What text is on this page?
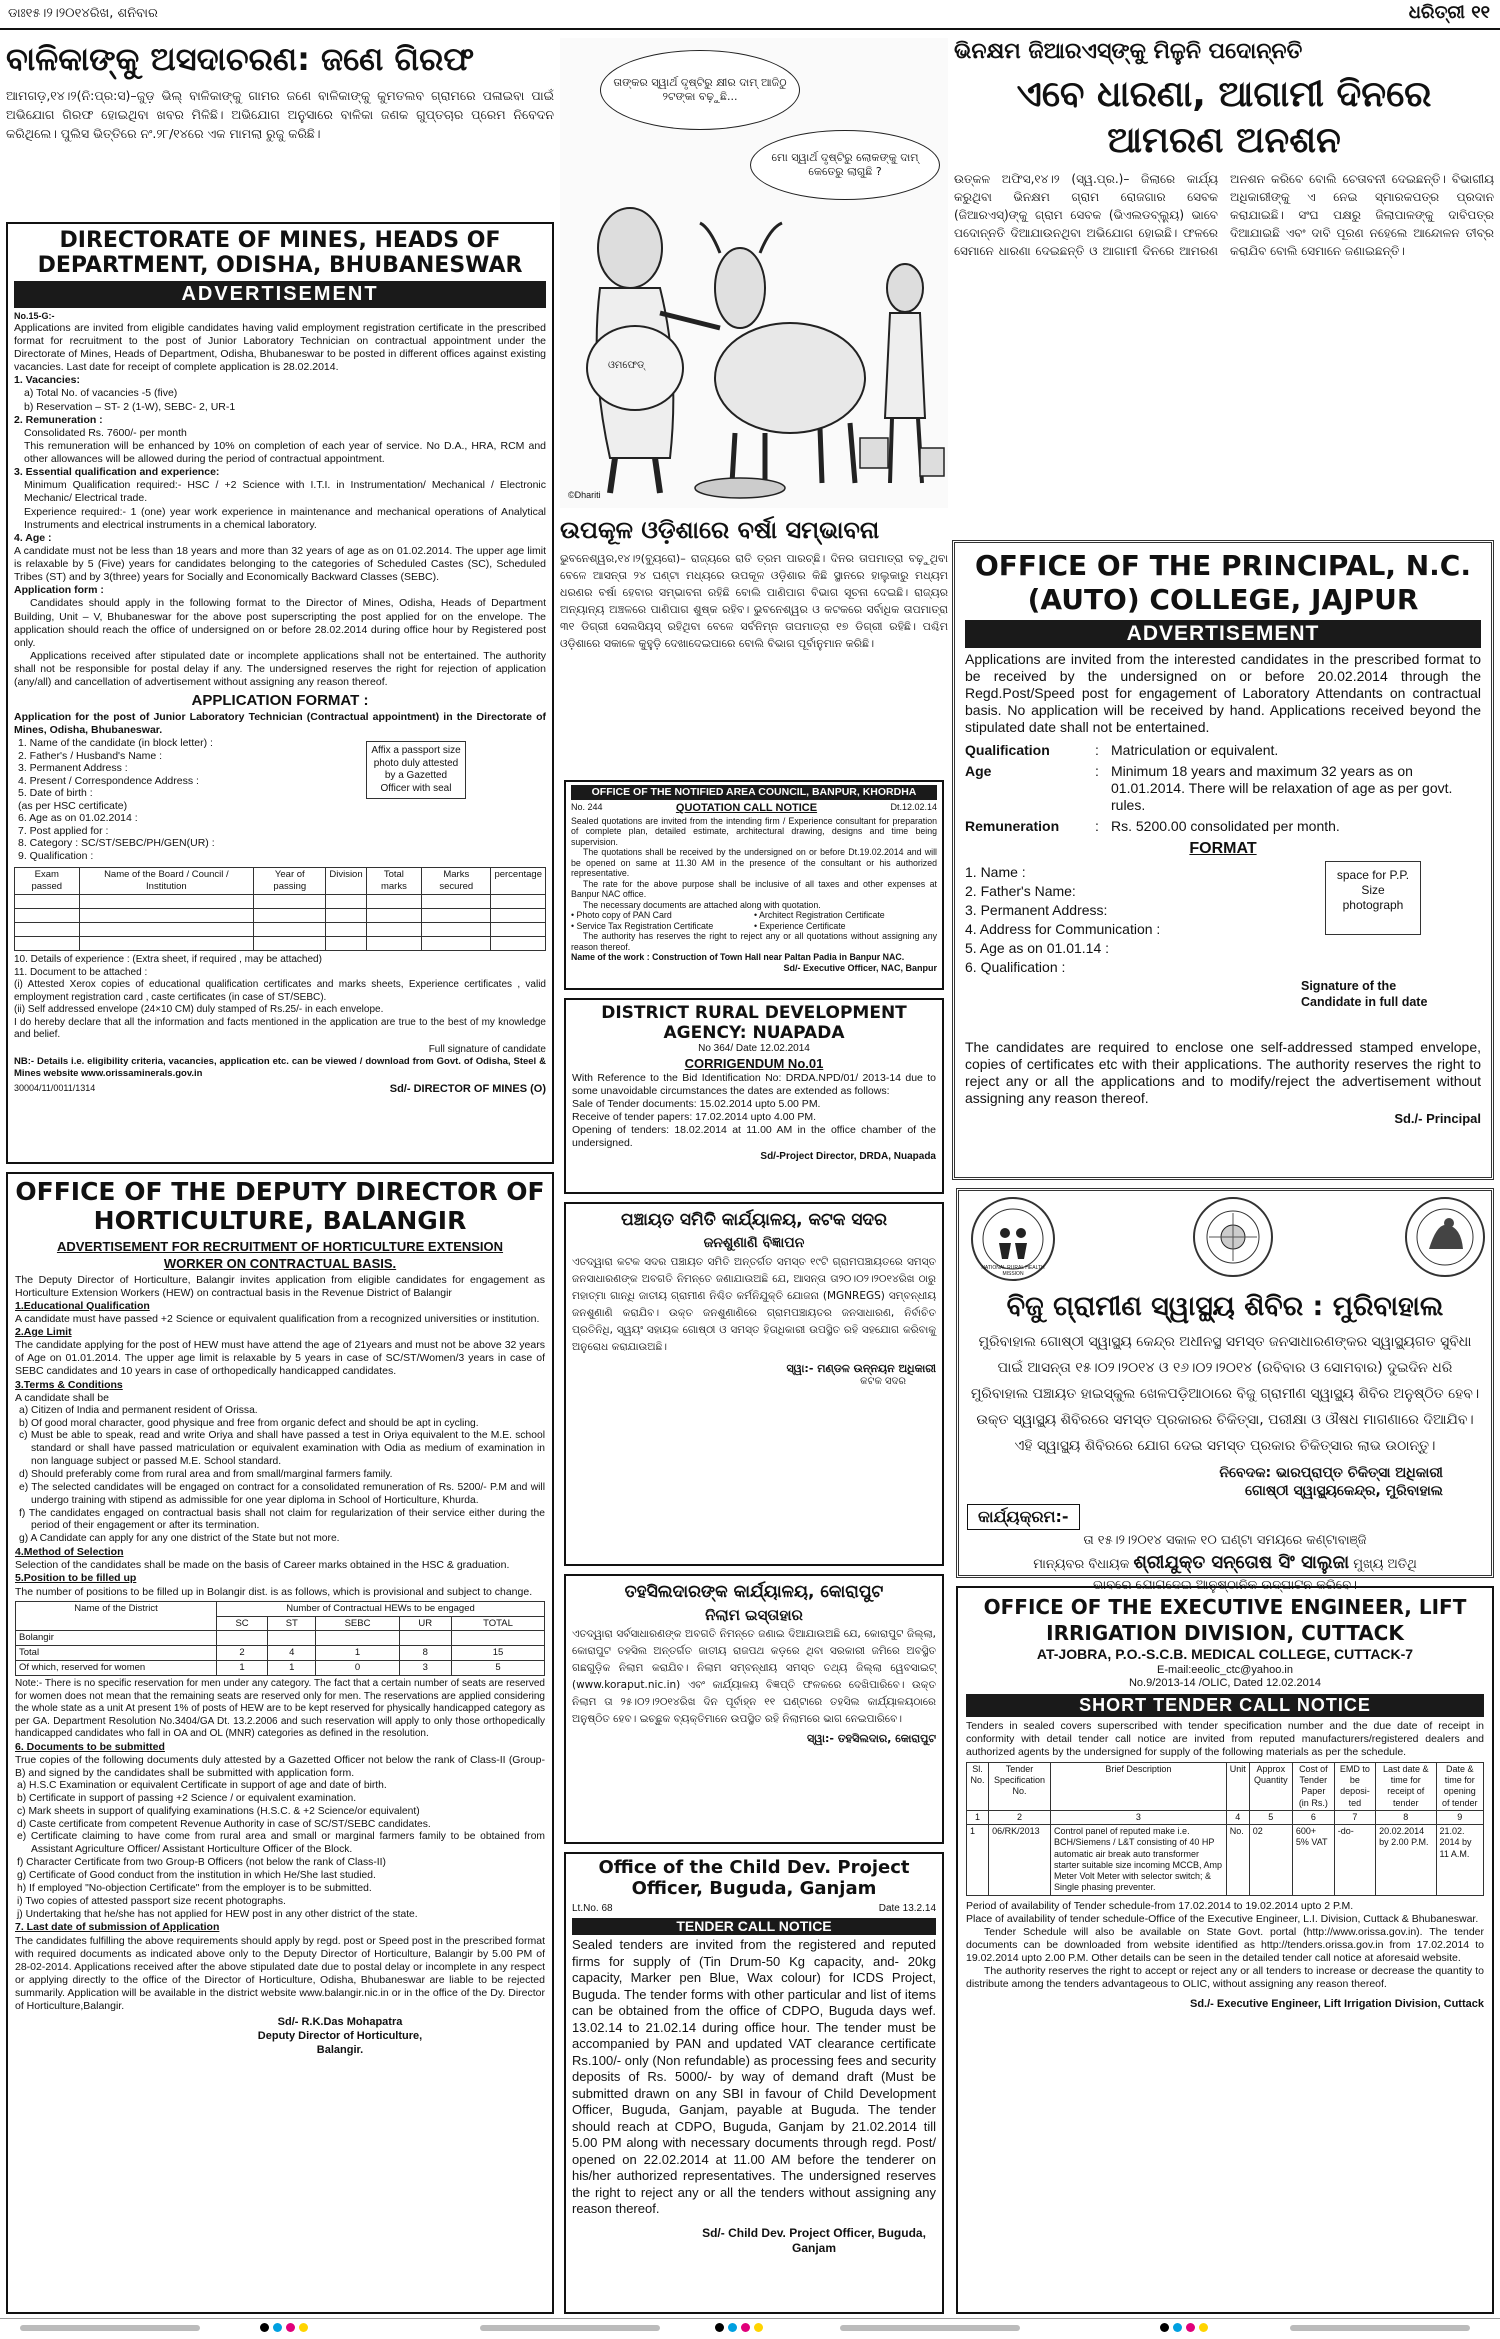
ଡାଃ୧୫।୨।୨୦୧୪ରିଖ, ଶନିବାର	ଧରିତ୍ରୀ ୧୧
ବାଳିକାଙ୍କୁ ଅସଦାଚରଣ: ଜଣେ ଗିରଫ

ଆମଗଡ଼,୧୪।୨(ନି:ପ୍ର:ସ)–ଜୁଡ଼ ଭିଲ୍ ବାଳିକାଙ୍କୁ ଗାମର ଜଣେ ବାଳିକାଙ୍କୁ କୁମତଲବ ଗ୍ରାମରେ ପଳାଇବା ପାଇଁ ଅଭିଯୋଗ ଗିରଫ ହୋଇଥିବା ଖବର ମିଳିଛି। ଅଭିଯୋଗ ଅନୁସାରେ ବାଳିକା ଜଣକ ଗୁପ୍ତଚାର ପ୍ରେମ ନିବେଦନ କରିଥିଲେ। ପୁଲିସ ଭିତ୍ତିରେ ନଂ.୨୮/୧୪ରେ ଏକ ମାମଲା ରୁଜୁ କରିଛି।

DIRECTORATE OF MINES, HEADS OF DEPARTMENT, ODISHA, BHUBANESWAR
ADVERTISEMENT
No.15-G:-

Applications are invited from eligible candidates having valid employment registration certificate in the prescribed format for recruitment to the post of Junior Laboratory Technician on contractual appointment under the Directorate of Mines, Heads of Department, Odisha, Bhubaneswar to be posted in different offices against existing vacancies. Last date for receipt of complete application is 28.02.2014.

1. Vacancies:

a) Total No. of vacancies -5 (five)

b) Reservation – ST- 2 (1-W), SEBC- 2, UR-1

2. Remuneration :

Consolidated Rs. 7600/- per month

This remuneration will be enhanced by 10% on completion of each year of service. No D.A., HRA, RCM and other allowances will be allowed during the period of contractual appointment.

3. Essential qualification and experience:

Minimum Qualification required:- HSC / +2 Science with I.T.I. in Instrumentation/ Mechanical / Electronic Mechanic/ Electrical trade.

Experience required:- 1 (one) year work experience in maintenance and mechanical operations of Analytical Instruments and electrical instruments in a chemical laboratory.

4. Age :

A candidate must not be less than 18 years and more than 32 years of age as on 01.02.2014. The upper age limit is relaxable by 5 (Five) years for candidates belonging to the categories of Scheduled Castes (SC), Scheduled Tribes (ST) and by 3(three) years for Socially and Economically Backward Classes (SEBC).

Application form :

Candidates should apply in the following format to the Director of Mines, Odisha, Heads of Department Building, Unit – V, Bhubaneswar for the above post superscripting the post applied for on the envelope. The application should reach the office of undersigned on or before 28.02.2014 during office hour by Registered post only.

Applications received after stipulated date or incomplete applications shall not be entertained. The authority shall not be responsible for postal delay if any. The undersigned reserves the right for rejection of application (any/all) and cancellation of advertisement without assigning any reason thereof.

APPLICATION FORMAT :

Application for the post of Junior Laboratory Technician (Contractual appointment) in the Directorate of Mines, Odisha, Bhubaneswar.

1. Name of the candidate (in block letter) :
2. Father's / Husband's Name :
3. Permanent Address :
4. Present / Correspondence Address :
5. Date of birth :
(as per HSC certificate)
6. Age as on 01.02.2014 :
7. Post applied for :
8. Category : SC/ST/SEBC/PH/GEN(UR) :
9. Qualification :
Affix a passport size photo duly attested by a Gazetted Officer with seal
Exam passed	Name of the Board / Council / Institution	Year of passing	Division	Total marks	Marks secured	percentage

10. Details of experience : (Extra sheet, if required , may be attached)

11. Document to be attached :

(i) Attested Xerox copies of educational qualification certificates and marks sheets, Experience certificates , valid employment registration card , caste certificates (in case of ST/SEBC).

(ii) Self addressed envelope (24×10 CM) duly stamped of Rs.25/- in each envelope.

I do hereby declare that all the information and facts mentioned in the application are true to the best of my knowledge and belief.

Full signature of candidate

NB:- Details i.e. eligibility criteria, vacancies, application etc. can be viewed / download from Govt. of Odisha, Steel & Mines website www.orissaminerals.gov.in

30004/11/0011/1314	Sd/- DIRECTOR OF MINES (O)
ତାଙ୍କର ସ୍ୱାର୍ଥ ଦୃଷ୍ଟିରୁ କ୍ଷୀର ଦାମ୍ ଆଜିଠୁ ୨ଟଙ୍କା ବଢ଼ୁଛି...
ମୋ ସ୍ୱାର୍ଥ ଦୃଷ୍ଟିରୁ ଲୋକଙ୍କୁ ଦାମ୍ କେତେରୁ ଲାଗୁଛି ?
ଓମଫେଡ୍
©Dhariti
ଭିନକ୍ଷମ ଜିଆରଏସ୍‌ଙ୍କୁ ମିଳୁନି ପଦୋନ୍ନତି
ଏବେ ଧାରଣା, ଆଗାମୀ ଦିନରେ ଆମରଣ ଅନଶନ

ଉତ୍କଳ ଅଫିସ,୧୪।୨ (ସ୍ୱ.ପ୍ର.)– ଜିଲାରେ କାର୍ଯ୍ୟ କରୁଥିବା ଭିନକ୍ଷମ ଗ୍ରାମ ରୋଜଗାର ସେବକ (ଜିଆରଏସ୍)ଙ୍କୁ ଗ୍ରାମ ସେବକ (ଭିଏଲଡବ୍ଲ୍ୟୁ) ଭାବେ ପଦୋନ୍ନତି ଦିଆଯାଉନଥିବା ଅଭିଯୋଗ ହୋଇଛି। ଫଳରେ ସେମାନେ ଧାରଣା ଦେଇଛନ୍ତି ଓ ଆଗାମୀ ଦିନରେ ଆମରଣ ଅନଶନ କରିବେ ବୋଲି ଚେତାବନୀ ଦେଇଛନ୍ତି। ବିଭାଗୀୟ ଅଧିକାରୀଙ୍କୁ ଏ ନେଇ ସ୍ମାରକପତ୍ର ପ୍ରଦାନ କରାଯାଇଛି। ସଂଘ ପକ୍ଷରୁ ଜିଲାପାଳଙ୍କୁ ଦାବିପତ୍ର ଦିଆଯାଇଛି ଏବଂ ଦାବି ପୂରଣ ନହେଲେ ଆନ୍ଦୋଳନ ତୀବ୍ର କରାଯିବ ବୋଲି ସେମାନେ ଜଣାଇଛନ୍ତି।

ଉପକୂଳ ଓଡ଼ିଶାରେ ବର୍ଷା ସମ୍ଭାବନା

ଭୁବନେଶ୍ୱର,୧୪।୨(ବ୍ୟୁରୋ)– ରାଜ୍ୟରେ ରାତି ତ୍ରମ ପାରଚ୍ଛି। ଦିନର ତାପମାତ୍ରା ବଢ଼ୁଥିବା ବେଳେ ଆସନ୍ତା ୨୪ ଘଣ୍ଟା ମଧ୍ୟରେ ଉପକୂଳ ଓଡ଼ିଶାର କିଛି ସ୍ଥାନରେ ହାଲୁକାରୁ ମଧ୍ୟମ ଧରଣର ବର୍ଷା ହେବାର ସମ୍ଭାବନା ରହିଛି ବୋଲି ପାଣିପାଗ ବିଭାଗ ସୂଚନା ଦେଇଛି। ରାଜ୍ୟର ଅନ୍ୟାନ୍ୟ ଅଞ୍ଚଳରେ ପାଣିପାଗ ଶୁଷ୍କ ରହିବ। ଭୁବନେଶ୍ୱର ଓ କଟକରେ ସର୍ବାଧିକ ତାପମାତ୍ରା ୩୧ ଡିଗ୍ରୀ ସେଲସିୟସ୍ ରହିଥିବା ବେଳେ ସର୍ବନିମ୍ନ ତାପମାତ୍ରା ୧୭ ଡିଗ୍ରୀ ରହିଛି। ପଶ୍ଚିମ ଓଡ଼ିଶାରେ ସକାଳେ କୁହୁଡ଼ି ଦେଖାଦେଇପାରେ ବୋଲି ବିଭାଗ ପୂର୍ବାନୁମାନ କରିଛି।

OFFICE OF THE NOTIFIED AREA COUNCIL, BANPUR, KHORDHA
No. 244	QUOTATION CALL NOTICE	Dt.12.02.14

Sealed quotations are invited from the intending firm / Experience consultant for preparation of complete plan, detailed estimate, architectural drawing, designs and time being supervision.

The quotations shall be received by the undersigned on or before Dt.19.02.2014 and will be opened on same at 11.30 AM in the presence of the consultant or his authorized representative.

The rate for the above purpose shall be inclusive of all taxes and other expenses at Banpur NAC office.

The necessary documents are attached along with quotation.

• Photo copy of PAN Card	• Architect Registration Certificate
• Service Tax Registration Certificate	• Experience Certificate

The authority has reserves the right to reject any or all quotations without assigning any reason thereof.

Name of the work : Construction of Town Hall near Paltan Padia in Banpur NAC.

Sd/- Executive Officer, NAC, Banpur
DISTRICT RURAL DEVELOPMENT AGENCY: NUAPADA
No 364/ Date 12.02.2014
CORRIGENDUM No.01

With Reference to the Bid Identification No: DRDA.NPD/01/ 2013-14 due to some unavoidable circumstances the dates are extended as follows:

Sale of Tender documents: 15.02.2014 upto 5.00 PM.

Receive of tender papers: 17.02.2014 upto 4.00 PM.

Opening of tenders: 18.02.2014 at 11.00 AM in the office chamber of the undersigned.

Sd/-Project Director, DRDA, Nuapada
ପଞ୍ଚାୟତ ସମିତି କାର୍ଯ୍ୟାଳୟ, କଟକ ସଦର
ଜନଶୁଣାଣି ବିଜ୍ଞାପନ

ଏତଦ୍ୱାରା କଟକ ସଦର ପଞ୍ଚାୟତ ସମିତି ଅନ୍ତର୍ଗତ ସମସ୍ତ ୧୯ଟି ଗ୍ରାମପଞ୍ଚାୟତରେ ସମସ୍ତ ଜନସାଧାରଣଙ୍କ ଅବଗତି ନିମନ୍ତେ ଜଣାଯାଉଅଛି ଯେ, ଆସନ୍ତା ତା୨୦।୦୨।୨୦୧୪ରିଖ ଠାରୁ ମହାତ୍ମା ଗାନ୍ଧି ଜାତୀୟ ଗ୍ରାମୀଣ ନିଶ୍ଚିତ କର୍ମନିଯୁକ୍ତି ଯୋଜନା (MGNREGS) ସମ୍ବନ୍ଧୀୟ ଜନଶୁଣାଣି କରାଯିବ। ଉକ୍ତ ଜନଶୁଣାଣିରେ ଗ୍ରାମପଞ୍ଚାୟତର ଜନସାଧାରଣ, ନିର୍ବାଚିତ ପ୍ରତିନିଧି, ସ୍ୱୟଂ ସହାୟକ ଗୋଷ୍ଠୀ ଓ ସମସ୍ତ ହିତାଧିକାରୀ ଉପସ୍ଥିତ ରହି ସହଯୋଗ କରିବାକୁ ଅନୁରୋଧ କରାଯାଉଅଛି।

ସ୍ୱା:- ମଣ୍ଡଳ ଉନ୍ନୟନ ଅଧିକାରୀ
କଟକ ସଦର
ତହସିଲଦାରଙ୍କ କାର୍ଯ୍ୟାଳୟ, କୋରାପୁଟ
ନିଲାମ ଇସ୍ତାହାର

ଏତଦ୍ୱାରା ସର୍ବସାଧାରଣଙ୍କ ଅବଗତି ନିମନ୍ତେ ଜଣାଇ ଦିଆଯାଉଅଛି ଯେ, କୋରାପୁଟ ଜିଲ୍ଲା, କୋରାପୁଟ ତହସିଲ ଅନ୍ତର୍ଗତ ଜାତୀୟ ରାଜପଥ କଡ଼ରେ ଥିବା ସରକାରୀ ଜମିରେ ଅବସ୍ଥିତ ଗଛଗୁଡ଼ିକ ନିଲାମ କରାଯିବ। ନିଲାମ ସମ୍ବନ୍ଧୀୟ ସମସ୍ତ ତଥ୍ୟ ଜିଲ୍ଲା ୱେବସାଇଟ୍ (www.koraput.nic.in) ଏବଂ କାର୍ଯ୍ୟାଳୟ ବିଜ୍ଞପ୍ତି ଫଳକରେ ଦେଖିପାରିବେ। ଉକ୍ତ ନିଲାମ ତା ୨୫।୦୨।୨୦୧୪ରିଖ ଦିନ ପୂର୍ବାହ୍ନ ୧୧ ଘଣ୍ଟାରେ ତହସିଲ କାର୍ଯ୍ୟାଳୟଠାରେ ଅନୁଷ୍ଠିତ ହେବ। ଇଚ୍ଛୁକ ବ୍ୟକ୍ତିମାନେ ଉପସ୍ଥିତ ରହି ନିଲାମରେ ଭାଗ ନେଇପାରିବେ।

ସ୍ୱା:- ତହସିଲଦାର, କୋରାପୁଟ
Office of the Child Dev. Project Officer, Buguda, Ganjam
Lt.No. 68	Date 13.2.14
TENDER CALL NOTICE

Sealed tenders are invited from the registered and reputed firms for supply of (Tin Drum-50 Kg capacity, and- 20kg capacity, Marker pen Blue, Wax colour) for ICDS Project, Buguda. The tender forms with other particular and list of items can be obtained from the office of CDPO, Buguda days wef. 13.02.14 to 21.02.14 during office hour. The tender must be accompanied by PAN and updated VAT clearance certificate Rs.100/- only (Non refundable) as processing fees and security deposits of Rs. 5000/- by way of demand draft (Must be submitted drawn on any SBI in favour of Child Development Officer, Buguda, Ganjam, payable at Buguda. The tender should reach at CDPO, Buguda, Ganjam by 21.02.2014 till 5.00 PM along with necessary documents through regd. Post/ opened on 22.02.2014 at 11.00 AM before the tenderer on his/her authorized representatives. The undersigned reserves the right to reject any or all the tenders without assigning any reason thereof.

Sd/- Child Dev. Project Officer, Buguda, Ganjam
OFFICE OF THE DEPUTY DIRECTOR OF HORTICULTURE, BALANGIR
ADVERTISEMENT FOR RECRUITMENT OF HORTICULTURE EXTENSION WORKER ON CONTRACTUAL BASIS.

The Deputy Director of Horticulture, Balangir invites application from eligible candidates for engagement as Horticulture Extension Workers (HEW) on contractual basis in the Revenue District of Balangir

1.Educational Qualification

A candidate must have passed +2 Science or equivalent qualification from a recognized universities or institution.

2.Age Limit

The candidate applying for the post of HEW must have attend the age of 21years and must not be above 32 years of Age on 01.01.2014. The upper age limit is relaxable by 5 years in case of SC/ST/Women/3 years in case of SEBC candidates and 10 years in case of orthopedically handicapped candidates.

3.Terms & Conditions

A candidate shall be

a) Citizen of India and permanent resident of Orissa.

b) Of good moral character, good physique and free from organic defect and should be apt in cycling.

c) Must be able to speak, read and write Oriya and shall have passed a test in Oriya equivalent to the M.E. school standard or shall have passed matriculation or equivalent examination with Odia as medium of examination in non language subject or passed M.E. School standard.

d) Should preferably come from rural area and from small/marginal farmers family.

e) The selected candidates will be engaged on contract for a consolidated remuneration of Rs. 5200/- P.M and will undergo training with stipend as admissible for one year diploma in School of Horticulture, Khurda.

f) The candidates engaged on contractual basis shall not claim for regularization of their service either during the period of their engagement or after its termination.

g) A Candidate can apply for any one district of the State but not more.

4.Method of Selection

Selection of the candidates shall be made on the basis of Career marks obtained in the HSC & graduation.

5.Position to be filled up

The number of positions to be filled up in Bolangir dist. is as follows, which is provisional and subject to change.

Name of the District	Number of Contractual HEWs to be engaged				
	SC	ST	SEBC	UR	TOTAL
Bolangir					
Total	2	4	1	8	15
Of which, reserved for women	1	1	0	3	5

Note:- There is no specific reservation for men under any category. The fact that a certain number of seats are reserved for women does not mean that the remaining seats are reserved only for men. The reservations are applied considering the whole state as a unit At present 1% of posts of HEW are to be kept reserved for physically handicapped category as per GA. Department Resolution No.3404/GA Dt. 13.2.2006 and such reservation will apply to only those orthopedically handicapped candidates who fall in OA and OL (MNR) categories as defined in the resolution.

6. Documents to be submitted

True copies of the following documents duly attested by a Gazetted Officer not below the rank of Class-II (Group-B) and signed by the candidates shall be submitted with application form.

a) H.S.C Examination or equivalent Certificate in support of age and date of birth.

b) Certificate in support of passing +2 Science / or equivalent examination.

c) Mark sheets in support of qualifying examinations (H.S.C. & +2 Science/or equivalent)

d) Caste certificate from competent Revenue Authority in case of SC/ST/SEBC candidates.

e) Certificate claiming to have come from rural area and small or marginal farmers family to be obtained from Assistant Agriculture Officer/ Assistant Horticulture Officer of the Block.

f) Character Certificate from two Group-B Officers (not below the rank of Class-II)

g) Certificate of Good conduct from the institution in which He/She last studied.

h) If employed "No-objection Certificate" from the employer is to be submitted.

i) Two copies of attested passport size recent photographs.

j) Undertaking that he/she has not applied for HEW post in any other district of the state.

7. Last date of submission of Application

The candidates fulfilling the above requirements should apply by regd. post or Speed post in the prescribed format with required documents as indicated above only to the Deputy Director of Horticulture, Balangir by 5.00 PM of 28-02-2014. Applications received after the above stipulated date due to postal delay or incomplete in any respect or applying directly to the office of the Director of Horticulture, Odisha, Bhubaneswar are liable to be rejected summarily. Application will be available in the district website www.balangir.nic.in or in the office of the Dy. Director of Horticulture,Balangir.

Sd/- R.K.Das Mohapatra
Deputy Director of Horticulture,
Balangir.
OFFICE OF THE PRINCIPAL, N.C. (AUTO) COLLEGE, JAJPUR
ADVERTISEMENT

Applications are invited from the interested candidates in the prescribed format to be received by the undersigned on or before 20.02.2014 through the Regd.Post/Speed post for engagement of Laboratory Attendants on contractual basis. No application will be received by hand. Applications received beyond the stipulated date shall not be entertained.

Qualification	: Matriculation or equivalent.
Age	: Minimum 18 years and maximum 32 years as on 01.01.2014. There will be relaxation of age as per govt. rules.
Remuneration	: Rs. 5200.00 consolidated per month.
FORMAT
1. Name :
2. Father's Name:
3. Permanent Address:
4. Address for Communication :
5. Age as on 01.01.14 :
6. Qualification :
space for P.P. Size photograph
Signature of the Candidate in full date

The candidates are required to enclose one self-addressed stamped envelope, copies of certificates etc with their applications. The authority reserves the right to reject any or all the applications and to modify/reject the advertisement without assigning any reason thereof.

Sd./- Principal
NATIONAL RURAL HEALTH MISSION
ବିଜୁ ଗ୍ରାମୀଣ ସ୍ୱାସ୍ଥ୍ୟ ଶିବିର : ମୁରିବାହାଲ

ମୁରିବାହାଲ ଗୋଷ୍ଠୀ ସ୍ୱାସ୍ଥ୍ୟ କେନ୍ଦ୍ର ଅଧୀନସ୍ଥ ସମସ୍ତ ଜନସାଧାରଣଙ୍କର ସ୍ୱାସ୍ଥ୍ୟଗତ ସୁବିଧା ପାଇଁ ଆସନ୍ତା ୧୫।୦୨।୨୦୧୪ ଓ ୧୬।୦୨।୨୦୧୪ (ରବିବାର ଓ ସୋମବାର) ଦୁଇଦିନ ଧରି ମୁରିବାହାଲ ପଞ୍ଚାୟତ ହାଇସ୍କୁଲ ଖେଳପଡ଼ିଆଠାରେ ବିଜୁ ଗ୍ରାମୀଣ ସ୍ୱାସ୍ଥ୍ୟ ଶିବିର ଅନୁଷ୍ଠିତ ହେବ। ଉକ୍ତ ସ୍ୱାସ୍ଥ୍ୟ ଶିବିରରେ ସମସ୍ତ ପ୍ରକାରର ଚିକିତ୍ସା, ପରୀକ୍ଷା ଓ ଔଷଧ ମାଗଣାରେ ଦିଆଯିବ। ଏହି ସ୍ୱାସ୍ଥ୍ୟ ଶିବିରରେ ଯୋଗ ଦେଇ ସମସ୍ତ ପ୍ରକାର ଚିକିତ୍ସାର ଲାଭ ଉଠାନ୍ତୁ।

ନିବେଦକ: ଭାରପ୍ରାପ୍ତ ଚିକିତ୍ସା ଅଧିକାରୀ
ଗୋଷ୍ଠୀ ସ୍ୱାସ୍ଥ୍ୟକେନ୍ଦ୍ର, ମୁରିବାହାଲ
କାର୍ଯ୍ୟକ୍ରମ:-
ତା ୧୫।୨।୨୦୧୪ ସକାଳ ୧୦ ଘଣ୍ଟା ସମୟରେ କଣ୍ଟାବାଞ୍ଜି
ମାନ୍ୟବର ବିଧାୟକ ଶ୍ରୀଯୁକ୍ତ ସନ୍ତୋଷ ସିଂ ସାଲୁଜା ମୁଖ୍ୟ ଅତିଥି
ଭାବରେ ଯୋଗଦେଇ ଆନୁଷ୍ଠାନିକ ଉଦ୍‌ଘାଟନ କରିବେ।
OFFICE OF THE EXECUTIVE ENGINEER, LIFT IRRIGATION DIVISION, CUTTACK
AT-JOBRA, P.O.-S.C.B. MEDICAL COLLEGE, CUTTACK-7
E-mail:eeolic_ctc@yahoo.in
No.9/2013-14 /OLIC, Dated 12.02.2014
SHORT TENDER CALL NOTICE

Tenders in sealed covers superscribed with tender specification number and the due date of receipt in conformity with detail tender call notice are invited from reputed manufacturers/registered dealers and authorized agents by the undersigned for supply of the following materials as per the schedule.

Sl. No.	Tender Specification No.	Brief Description	Unit	Approx Quantity	Cost of Tender Paper (in Rs.)	EMD to be deposi-ted	Last date & time for receipt of tender	Date & time for opening of tender
1	2	3	4	5	6	7	8	9
1	06/RK/2013	Control panel of reputed make i.e. BCH/Siemens / L&T consisting of 40 HP automatic air break auto transformer starter suitable size incoming MCCB, Amp Meter Volt Meter with selector switch; & Single phasing preventer.	No.	02	600+ 5% VAT	-do-	20.02.2014 by 2.00 P.M.	21.02. 2014 by 11 A.M.

Period of availability of Tender schedule-from 17.02.2014 to 19.02.2014 upto 2 P.M.

Place of availability of tender schedule-Office of the Executive Engineer, L.I. Division, Cuttack & Bhubaneswar.

Tender Schedule will also be available on State Govt. portal (http://www.orissa.gov.in). The tender documents can be downloaded from website identified as http://tenders.orissa.gov.in from 17.02.2014 to 19.02.2014 upto 2.00 P.M. Other details can be seen in the detailed tender call notice at aforesaid website.

The authority reserves the right to accept or reject any or all tenders to increase or decrease the quantity to distribute among the tenders advantageous to OLIC, without assigning any reason thereof.

Sd./- Executive Engineer, Lift Irrigation Division, Cuttack
